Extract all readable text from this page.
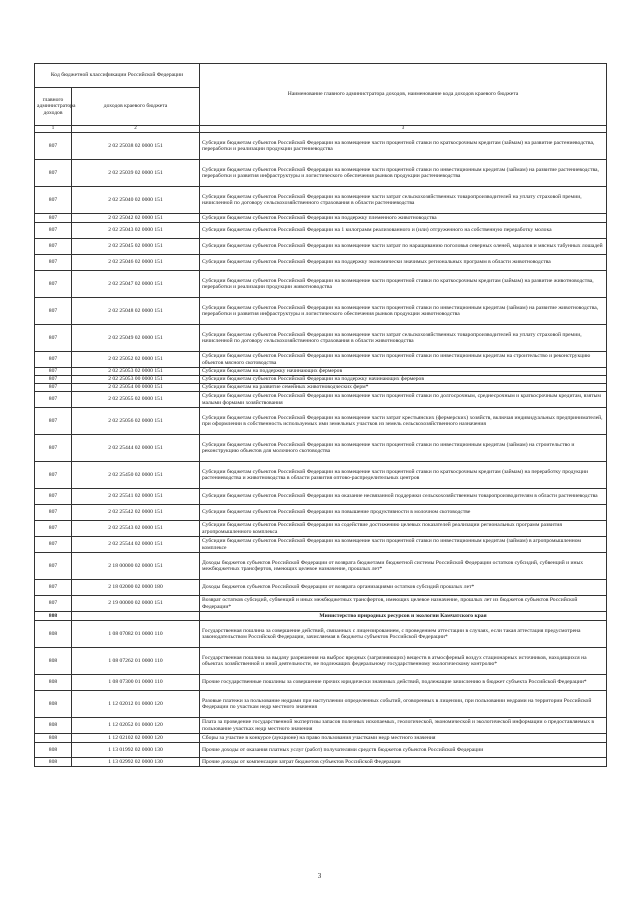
Код бюджетной классификации Российской Федерации		Наименование главного администратора доходов, наименование кода доходов краевого бюджета
главного администратора доходов	доходов краевого бюджета	
1	2	3
807	2 02 25038 02 0000 151	Субсидии бюджетам субъектов Российской Федерации на возмещение части процентной ставки по краткосрочным кредитам (займам) на развитие растениеводства, переработки и реализации продукции растениеводства
807	2 02 25039 02 0000 151	Субсидии бюджетам субъектов Российской Федерации на возмещение части процентной ставки по инвестиционным кредитам (займам) на развитие растениеводства, переработки и развития инфраструктуры и логистического обеспечения рынков продукции растениеводства
807	2 02 25040 02 0000 151	Субсидии бюджетам субъектов Российской Федерации на возмещение части затрат сельскохозяйственных товаропроизводителей на уплату страховой премии, начисленной по договору сельскохозяйственного страхования в области растениеводства
807	2 02 25042 02 0000 151	Субсидии бюджетам субъектов Российской Федерации на поддержку племенного животноводства
807	2 02 25043 02 0000 151	Субсидии бюджетам субъектов Российской Федерации на 1 килограмм реализованного и (или) отгруженного на собственную переработку молока
807	2 02 25045 02 0000 151	Субсидии бюджетам субъектов Российской Федерации на возмещение части затрат по наращиванию поголовья северных оленей, маралов и мясных табунных лошадей
807	2 02 25046 02 0000 151	Субсидии бюджетам субъектов Российской Федерации на поддержку экономически значимых региональных программ в области животноводства
807	2 02 25047 02 0000 151	Субсидии бюджетам субъектов Российской Федерации на возмещение части процентной ставки по краткосрочным кредитам (займам) на развитие животноводства, переработки и реализации продукции животноводства
807	2 02 25048 02 0000 151	Субсидии бюджетам субъектов Российской Федерации на возмещение части процентной ставки по инвестиционным кредитам (займам) на развитие животноводства, переработки и развития инфраструктуры и логистического обеспечения рынков продукции животноводства
807	2 02 25049 02 0000 151	Субсидии бюджетам субъектов Российской Федерации на возмещение части затрат сельскохозяйственных товаропроизводителей на уплату страховой премии, начисленной по договору сельскохозяйственного страхования в области животноводства
807	2 02 25052 02 0000 151	Субсидии бюджетам субъектов Российской Федерации на возмещение части процентной ставки по инвестиционным кредитам на строительство и реконструкцию объектов мясного скотоводства
807	2 02 25053 02 0000 151	Субсидии бюджетам на поддержку начинающих фермеров
807	2 02 25053 00 0000 151	Субсидии бюджетам субъектов Российской Федерации на поддержку начинающих фермеров
807	2 02 25054 00 0000 151	Субсидии бюджетам на развитие семейных животноводческих ферм*
807	2 02 25055 02 0000 151	Субсидии бюджетам субъектов Российской Федерации на возмещение части процентной ставки по долгосрочным, среднесрочным и краткосрочным кредитам, взятым малыми формами хозяйствования
807	2 02 25056 02 0000 151	Субсидии бюджетам субъектов Российской Федерации на возмещение части затрат крестьянских (фермерских) хозяйств, включая индивидуальных предпринимателей, при оформлении в собственность используемых ими земельных участков из земель сельскохозяйственного назначения
807	2 02 25444 02 0000 151	Субсидии бюджетам субъектов Российской Федерации на возмещение части процентной ставки по инвестиционным кредитам (займам) на строительство и реконструкцию объектов для молочного скотоводства
807	2 02 25450 02 0000 151	Субсидии бюджетам субъектов Российской Федерации на возмещение части процентной ставки по краткосрочным кредитам (займам) на переработку продукции растениеводства и животноводства в области развития оптово-распределительных центров
807	2 02 25541 02 0000 151	Субсидии бюджетам субъектов Российской Федерации на оказание несвязанной поддержки сельскохозяйственным товаропроизводителям в области растениеводства
807	2 02 25542 02 0000 151	Субсидии бюджетам субъектов Российской Федерации на повышение продуктивности в молочном скотоводстве
807	2 02 25543 02 0000 151	Субсидии бюджетам субъектов Российской Федерации на содействие достижению целевых показателей реализации региональных программ развития агропромышленного комплекса
807	2 02 25544 02 0000 151	Субсидии бюджетам субъектов Российской Федерации на возмещение части процентной ставки по инвестиционным кредитам (займам) в агропромышленном комплексе
807	2 18 00000 02 0000 151	Доходы бюджетов субъектов Российской Федерации от возврата бюджетами бюджетной системы Российской Федерации остатков субсидий, субвенций и иных межбюджетных трансфертов, имеющих целевое назначение, прошлых лет*
807	2 18 02000 02 0000 180	Доходы бюджетов субъектов Российской Федерации от возврата организациями остатков субсидий прошлых лет*
807	2 19 00000 02 0000 151	Возврат остатков субсидий, субвенций и иных межбюджетных трансфертов, имеющих целевое назначение, прошлых лет из бюджетов субъектов Российской Федерации*
808		Министерство природных ресурсов и экологии Камчатского края
808	1 08 07082 01 0000 110	Государственная пошлина за совершение действий, связанных с лицензированием, с проведением аттестации в случаях, если такая аттестация предусмотрена законодательством Российской Федерации, зачисляемая в бюджеты субъектов Российской Федерации*
808	1 08 07262 01 0000 110	Государственная пошлина за выдачу разрешения на выброс вредных (загрязняющих) веществ в атмосферный воздух стационарных источников, находящихся на объектах хозяйственной и иной деятельности, не подлежащих федеральному государственному экологическому контролю*
808	1 08 07300 01 0000 110	Прочие государственные пошлины за совершение прочих юридически значимых действий, подлежащие зачислению в бюджет субъекта Российской Федерации*
808	1 12 02012 01 0000 120	Разовые платежи за пользование недрами при наступлении определенных событий, оговоренных в лицензии, при пользовании недрами на территории Российской Федерации по участкам недр местного значения
808	1 12 02052 01 0000 120	Плата за проведение государственной экспертизы запасов полезных ископаемых, геологической, экономической и экологической информации о предоставляемых в пользование участках недр местного значения
808	1 12 02102 02 0000 120	Сборы за участие в конкурсе (аукционе) на право пользования участками недр местного значения
808	1 13 01992 02 0000 130	Прочие доходы от оказания платных услуг (работ) получателями средств бюджетов субъектов Российской Федерации
808	1 13 02992 02 0000 130	Прочие доходы от компенсации затрат бюджетов субъектов Российской Федерации
3
